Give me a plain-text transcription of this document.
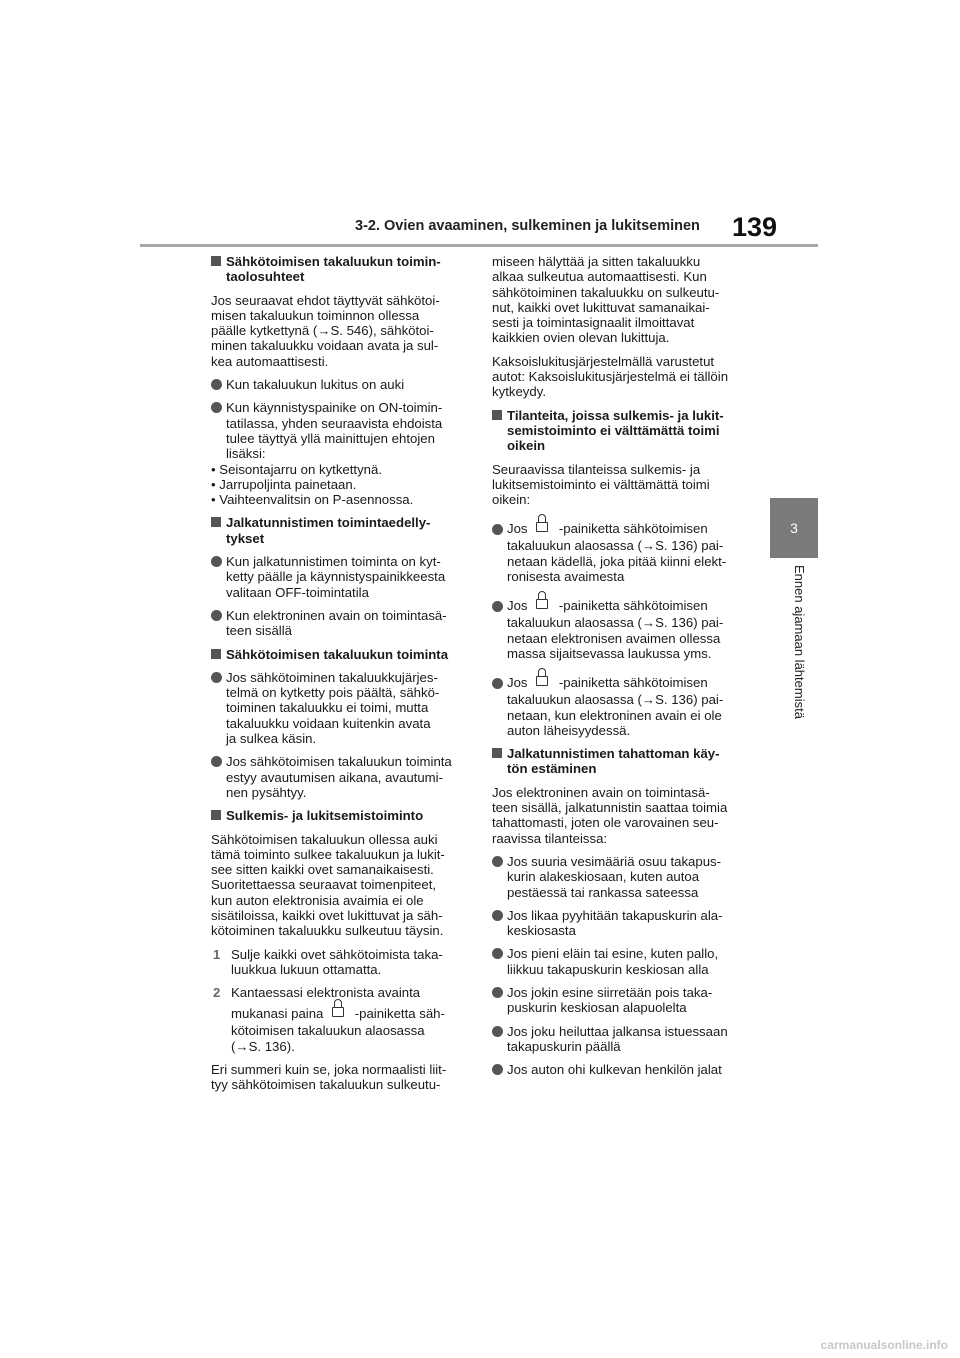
3-2. Ovien avaaminen, sulkeminen ja lukitseminen 139
3
Ennen ajamaan lähtemistä
Sähkötoimisen takaluukun toimin-
taolosuhteet
Jos seuraavat ehdot täyttyvät sähkötoi-
misen takaluukun toiminnon ollessa
päälle kytkettynä (→S. 546), sähkötoi-
minen takaluukku voidaan avata ja sul-
kea automaattisesti.
Kun takaluukun lukitus on auki
Kun käynnistyspainike on ON-toimin-
tatilassa, yhden seuraavista ehdoista
tulee täyttyä yllä mainittujen ehtojen
lisäksi:
• Seisontajarru on kytkettynä.
• Jarrupoljinta painetaan.
• Vaihteenvalitsin on P-asennossa.
Jalkatunnistimen toimintaedelly-
tykset
Kun jalkatunnistimen toiminta on kyt-
ketty päälle ja käynnistyspainikkeesta
valitaan OFF-toimintatila
Kun elektroninen avain on toimintasä-
teen sisällä
Sähkötoimisen takaluukun toiminta
Jos sähkötoiminen takaluukkujärjes-
telmä on kytketty pois päältä, sähkö-
toiminen takaluukku ei toimi, mutta
takaluukku voidaan kuitenkin avata
ja sulkea käsin.
Jos sähkötoimisen takaluukun toiminta
estyy avautumisen aikana, avautumi-
nen pysähtyy.
Sulkemis- ja lukitsemistoiminto
Sähkötoimisen takaluukun ollessa auki
tämä toiminto sulkee takaluukun ja lukit-
see sitten kaikki ovet samanaikaisesti.
Suoritettaessa seuraavat toimenpiteet,
kun auton elektronisia avaimia ei ole
sisätiloissa, kaikki ovet lukittuvat ja säh-
kötoiminen takaluukku sulkeutuu täysin.
1 Sulje kaikki ovet sähkötoimista taka-
luukkua lukuun ottamatta.
2 Kantaessasi elektronista avainta
mukanasi paina -painiketta säh-
kötoimisen takaluukun alaosassa
(→S. 136).
Eri summeri kuin se, joka normaalisti liit-
tyy sähkötoimisen takaluukun sulkeutu-
miseen hälyttää ja sitten takaluukku
alkaa sulkeutua automaattisesti. Kun
sähkötoiminen takaluukku on sulkeutu-
nut, kaikki ovet lukittuvat samanaikai-
sesti ja toimintasignaalit ilmoittavat
kaikkien ovien olevan lukittuja.
Kaksoislukitusjärjestelmällä varustetut
autot: Kaksoislukitusjärjestelmä ei tällöin
kytkeydy.
Tilanteita, joissa sulkemis- ja lukit-
semistoiminto ei välttämättä toimi
oikein
Seuraavissa tilanteissa sulkemis- ja
lukitsemistoiminto ei välttämättä toimi
oikein:
Jos -painiketta sähkötoimisen
takaluukun alaosassa (→S. 136) pai-
netaan kädellä, joka pitää kiinni elekt-
ronisesta avaimesta
Jos -painiketta sähkötoimisen
takaluukun alaosassa (→S. 136) pai-
netaan elektronisen avaimen ollessa
massa sijaitsevassa laukussa yms.
Jos -painiketta sähkötoimisen
takaluukun alaosassa (→S. 136) pai-
netaan, kun elektroninen avain ei ole
auton läheisyydessä.
Jalkatunnistimen tahattoman käy-
tön estäminen
Jos elektroninen avain on toimintasä-
teen sisällä, jalkatunnistin saattaa toimia
tahattomasti, joten ole varovainen seu-
raavissa tilanteissa:
Jos suuria vesimääriä osuu takapus-
kurin alakeskiosaan, kuten autoa
pestäessä tai rankassa sateessa
Jos likaa pyyhitään takapuskurin ala-
keskiosasta
Jos pieni eläin tai esine, kuten pallo,
liikkuu takapuskurin keskiosan alla
Jos jokin esine siirretään pois taka-
puskurin keskiosan alapuolelta
Jos joku heiluttaa jalkansa istuessaan
takapuskurin päällä
Jos auton ohi kulkevan henkilön jalat
carmanualsonline.info
